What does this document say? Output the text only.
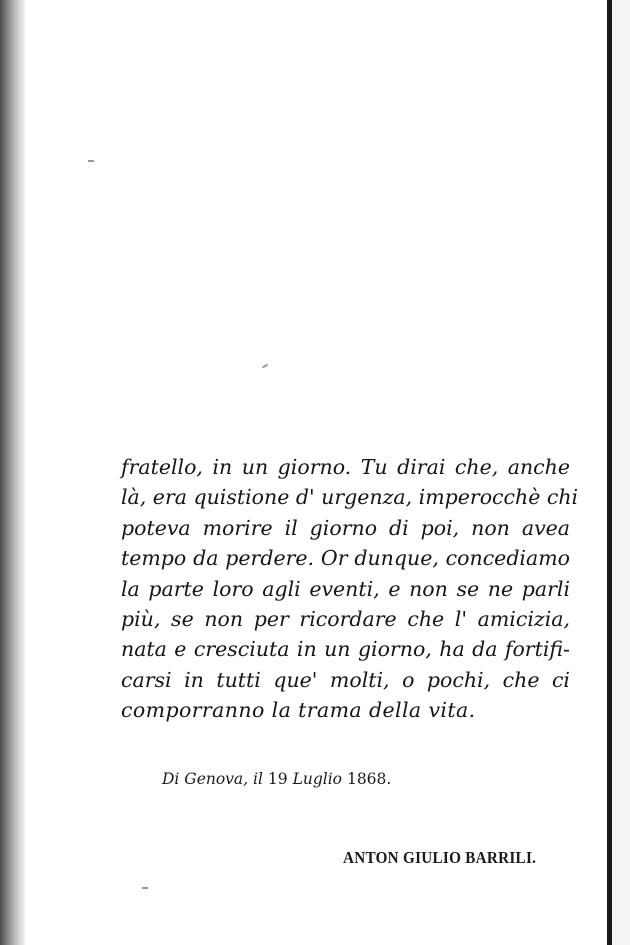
fratello, in un giorno. Tu dirai che, anche
là, era quistione d' urgenza, imperocchè chi
poteva morire il giorno di poi, non avea
tempo da perdere. Or dunque, concediamo
la parte loro agli eventi, e non se ne parli
più, se non per ricordare che l' amicizia,
nata e cresciuta in un giorno, ha da fortifi-
carsi in tutti que' molti, o pochi, che ci
comporranno la trama della vita.

Di Genova, il 19 Luglio 1868.

ANTON GIULIO BARRILI.
